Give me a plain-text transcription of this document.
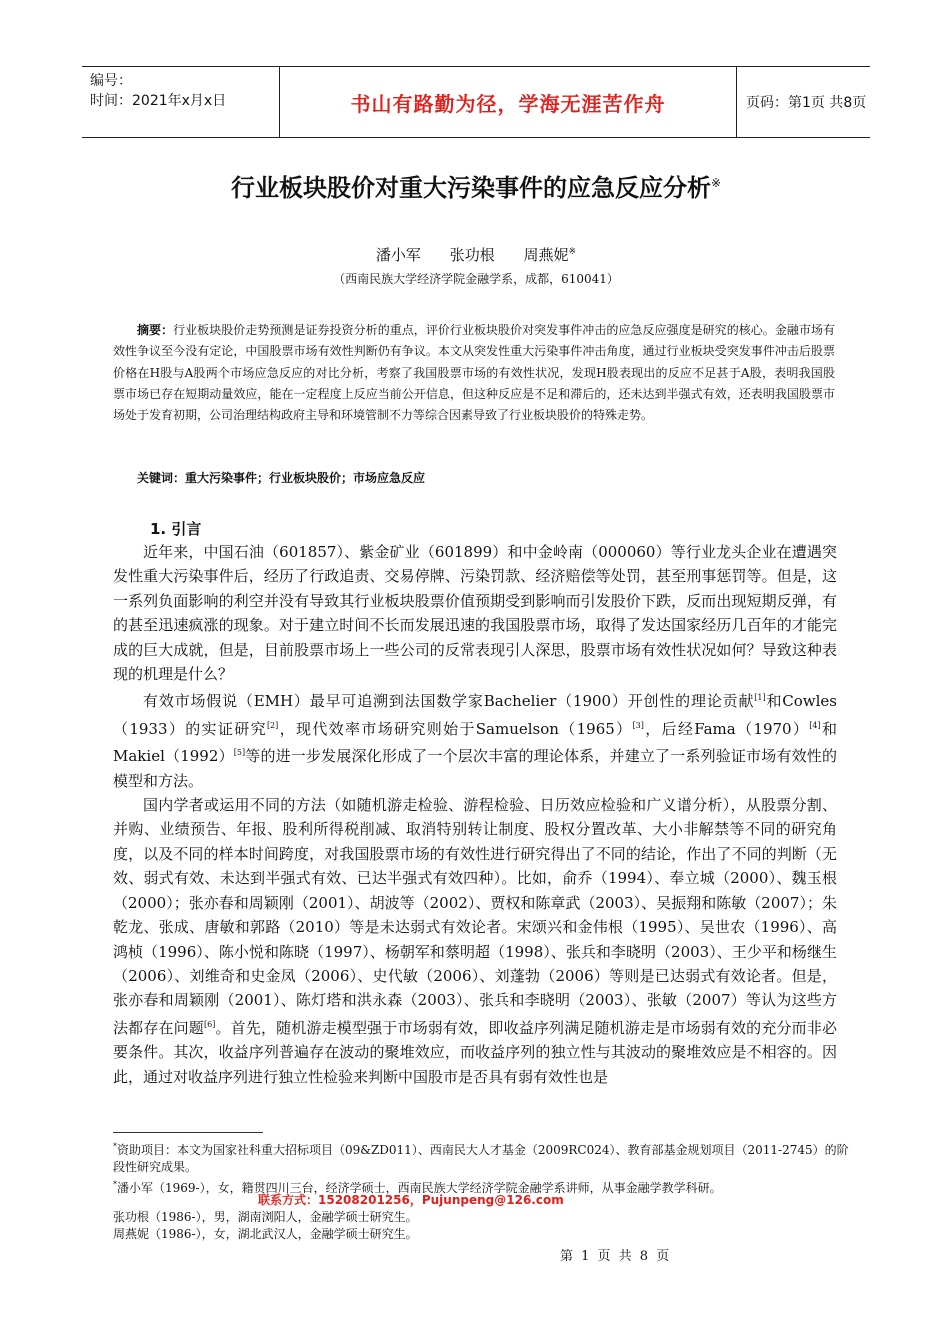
编号：
时间：2021年x月x日	书山有路勤为径，学海无涯苦作舟	页码：第1页 共8页
行业板块股价对重大污染事件的应急反应分析※
潘小军 张功根 周燕妮※
（西南民族大学经济学院金融学系，成都，610041）
摘要：行业板块股价走势预测是证券投资分析的重点，评价行业板块股价对突发事件冲击的应急反应强度是研究的核心。金融市场有效性争议至今没有定论，中国股票市场有效性判断仍有争议。本文从突发性重大污染事件冲击角度，通过行业板块受突发事件冲击后股票价格在H股与A股两个市场应急反应的对比分析，考察了我国股票市场的有效性状况，发现H股表现出的反应不足甚于A股，表明我国股票市场已存在短期动量效应，能在一定程度上反应当前公开信息，但这种反应是不足和滞后的，还未达到半强式有效，还表明我国股票市场处于发育初期，公司治理结构政府主导和环境管制不力等综合因素导致了行业板块股价的特殊走势。
关键词：重大污染事件；行业板块股价；市场应急反应
1. 引言

近年来，中国石油（601857）、紫金矿业（601899）和中金岭南（000060）等行业龙头企业在遭遇突发性重大污染事件后，经历了行政追责、交易停牌、污染罚款、经济赔偿等处罚，甚至刑事惩罚等。但是，这一系列负面影响的利空并没有导致其行业板块股票价值预期受到影响而引发股价下跌，反而出现短期反弹，有的甚至迅速疯涨的现象。对于建立时间不长而发展迅速的我国股票市场，取得了发达国家经历几百年的才能完成的巨大成就，但是，目前股票市场上一些公司的反常表现引人深思，股票市场有效性状况如何？导致这种表现的机理是什么？

有效市场假说（EMH）最早可追溯到法国数学家Bachelier（1900）开创性的理论贡献[1]和Cowles（1933）的实证研究[2]，现代效率市场研究则始于Samuelson（1965）[3]，后经Fama（1970）[4]和Makiel（1992）[5]等的进一步发展深化形成了一个层次丰富的理论体系，并建立了一系列验证市场有效性的模型和方法。

国内学者或运用不同的方法（如随机游走检验、游程检验、日历效应检验和广义谱分析），从股票分割、并购、业绩预告、年报、股利所得税削减、取消特别转让制度、股权分置改革、大小非解禁等不同的研究角度，以及不同的样本时间跨度，对我国股票市场的有效性进行研究得出了不同的结论，作出了不同的判断（无效、弱式有效、未达到半强式有效、已达半强式有效四种）。比如，俞乔（1994）、奉立城（2000）、魏玉根（2000）；张亦春和周颖刚（2001）、胡波等（2002）、贾权和陈章武（2003）、吴振翔和陈敏（2007）；朱乾龙、张成、唐敏和郭路（2010）等是未达弱式有效论者。宋颂兴和金伟根（1995）、吴世农（1996）、高鸿桢（1996）、陈小悦和陈晓（1997）、杨朝军和蔡明超（1998）、张兵和李晓明（2003）、王少平和杨继生（2006）、刘维奇和史金凤（2006）、史代敏（2006）、刘蓬勃（2006）等则是已达弱式有效论者。但是，张亦春和周颖刚（2001）、陈灯塔和洪永森（2003）、张兵和李晓明（2003）、张敏（2007）等认为这些方法都存在问题[6]。首先，随机游走模型强于市场弱有效，即收益序列满足随机游走是市场弱有效的充分而非必要条件。其次，收益序列普遍存在波动的聚堆效应，而收益序列的独立性与其波动的聚堆效应是不相容的。因此，通过对收益序列进行独立性检验来判断中国股市是否具有弱有效性也是

*资助项目：本文为国家社科重大招标项目（09&ZD011）、西南民大人才基金（2009RC024）、教育部基金规划项目（2011-2745）的阶段性研究成果。
*潘小军（1969-），女，籍贯四川三台，经济学硕士，西南民族大学经济学院金融学系讲师，从事金融学教学科研。
联系方式：15208201256，Pujunpeng@126.com
张功根（1986-），男，湖南浏阳人，金融学硕士研究生。
周燕妮（1986-），女，湖北武汉人，金融学硕士研究生。
第 1 页 共 8 页
